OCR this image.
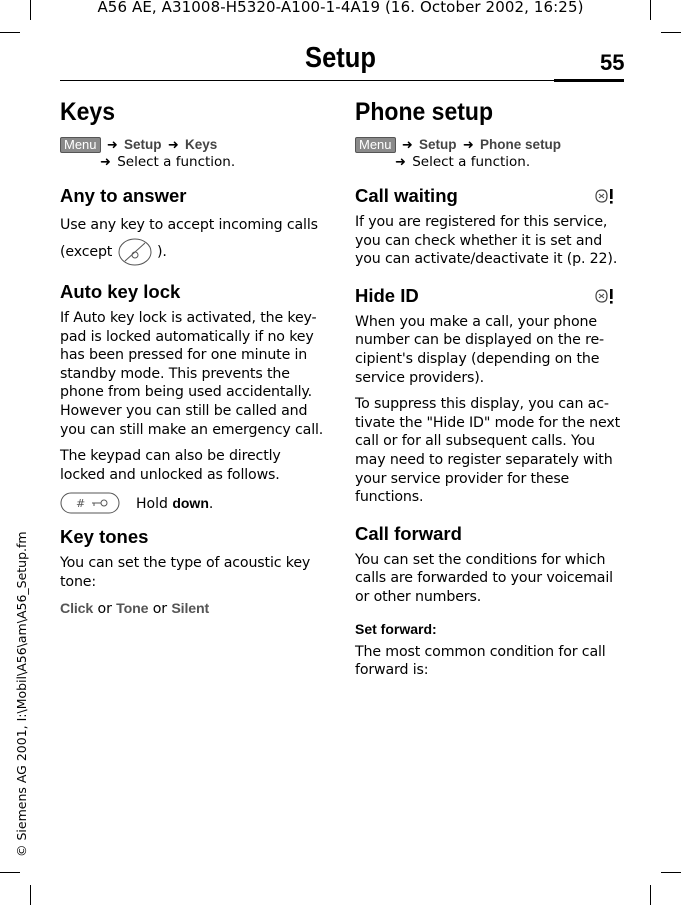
A56 AE, A31008-H5320-A100-1-4A19 (16. October 2002, 16:25)
© Siemens AG 2001, I:\Mobil\A56\am\A56_Setup.fm
Setup	55
Keys
Menu ➜ Setup ➜ Keys
➜ Select a function.
Any to answer

Use any key to accept incoming calls
(except	).

Auto key lock

If Auto key lock is activated, the key-pad is locked automatically if no key has been pressed for one minute in standby mode. This prevents the phone from being used accidentally. However you can still be called and you can still make an emergency call.

The keypad can also be directly locked and unlocked as follows.

#	Hold down.
Key tones

You can set the type of acoustic key tone:

Click or Tone or Silent

Phone setup
Menu ➜ Setup ➜ Phone setup
➜ Select a function.
Call waiting

If you are registered for this service, you can check whether it is set and you can activate/deactivate it (p. 22).

Hide ID

When you make a call, your phone number can be displayed on the re-cipient's display (depending on the service providers).

To suppress this display, you can ac-tivate the "Hide ID" mode for the next call or for all subsequent calls. You may need to register separately with your service provider for these functions.

Call forward

You can set the conditions for which calls are forwarded to your voicemail or other numbers.

Set forward:

The most common condition for call forward is:
